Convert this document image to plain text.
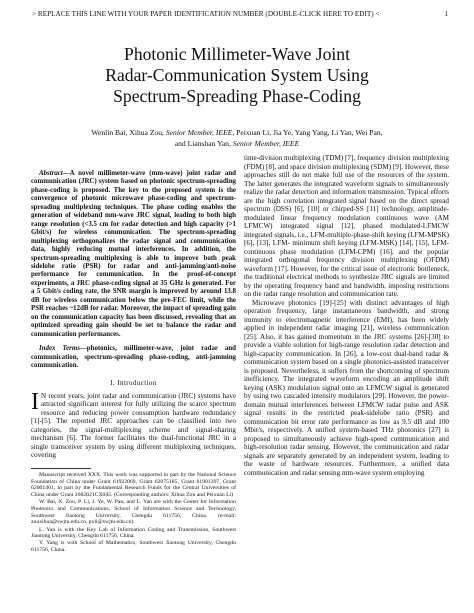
> REPLACE THIS LINE WITH YOUR PAPER IDENTIFICATION NUMBER (DOUBLE-CLICK HERE TO EDIT) <	1
Photonic Millimeter-Wave Joint
Radar-Communication System Using
Spectrum-Spreading Phase-Coding
Wenlin Bai, Xihua Zou, Senior Member, IEEE, Peixuan Li, Jia Ye, Yang Yang, Li Yan, Wei Pan,
and Lianshan Yan, Senior Member, IEEE

Abstract—A novel millimeter-wave (mm-wave) joint radar and communication (JRC) system based on photonic spectrum-spreading phase-coding is proposed. The key to the proposed system is the convergence of photonic microwave phase-coding and spectrum-spreading multiplexing techniques. The phase coding enables the generation of wideband mm-wave JRC signal, leading to both high range resolution (<3.5 cm for radar detection and high capacity (>1 Gbit/s) for wireless communication. The spectrum-spreading multiplexing orthogonalizes the radar signal and communication data, highly reducing mutual interferences. In addition, the spectrum-spreading multiplexing is able to improve both peak sidelobe ratio (PSR) for radar and anti-jamming/anti-noise performance for communication. In the proof-of-concept experiments, a JRC phase-coding signal at 35 GHz is generated. For a 5 Gbit/s coding rate, the SNR margin is improved by around 13.8 dB for wireless communication below the pre-FEC limit, while the PSR reaches ~12dB for radar. Moreover, the impact of spreading gain on the communication capacity has been discussed, revealing that an optimized spreading gain should be set to balance the radar and communication performances.

Index Terms—photonics, millimeter-wave, joint radar and communication, spectrum-spreading phase-coding, anti-jamming communication.

I. Introduction

I N recent years, joint radar and communication (JRC) systems have attracted significant interest for fully utilizing the scarce spectrum resource and reducing power consumption hardware redundancy [1]-[5]. The reported JRC approaches can be classified into two categories, the signal-multiplexing scheme and signal-sharing mechanism [6]. The former facilitates the dual-functional JRC in a single transceiver system by using different multiplexing techniques, covering

Manuscript received XXX. This work was supported in part by the National Science Foundation of China under Grant 61922069, Grant 62075185, Grant 61901397, Grant 62001401, in part by the Fundamental Research Funds for the Central Universities of China under Grant 2682021CX045. (Corresponding authors: Xihua Zou and Peixuan Li)

W. Bai, X. Zou, P. Li, J. Ye, W. Pan, and L. Yan are with the Center for Information Photonics and Communications, School of Information Science and Technology, Southwest Jiaotong University, Chengdu 611756, China. (e-mail: zouxihua@swjtu.edu.cn, pxli@swjtu.edu.cn).

L. Yan is with the Key Lab of Information Coding and Transmission, Southwest Jiaotong University, Chengdu 611756, China.

Y. Yang is with School of Mathematics, Southwest Jiaotong University, Chengdu 611756, China.

time-division multiplexing (TDM) [7], frequency division multiplexing (FDM) [8], and space division multiplexing (SDM) [9]. However, these approaches still do not make full use of the resources of the system. The latter generates the integrated waveform signals to simultaneously realize the radar detection and information transmission. Typical efforts are the high correlation integrated signal based on the direct spread spectrum (DSS) [6], [10] or chirped-SS [11] technology, amplitude-modulated linear frequency modulation continuous wave (AM LFMCW) integrated signal [12], phased modulated-LFMCW integrated signals, i.e., LFM-multiple-phase-shift keying (LFM-MPSK) [6], [13], LFM- minimum shift keying (LFM-MSK) [14], [15], LFM-continuous phase modulation (LFM-CPM) [16], and the popular integrated orthogonal frequency division multiplexing (OFDM) waveform [17]. However, for the critical issue of electronic bottleneck, the traditional electrical methods to synthesize JRC signals are limited by the operating frequency band and bandwidth, imposing restrictions on the radar range resolution and communication rate.

Microwave photonics [19]-[25] with distinct advantages of high operation frequency, large instantaneous bandwidth, and strong immunity to electromagnetic interference (EMI), has been widely applied in independent radar imaging [21], wireless communication [25]. Also, it has gained momentum in the JRC systems [26]-[30] to provide a viable solution for high-range resolution radar detection and high-capacity communication. In [26], a low-cost dual-band radar & communication system based on a single photonics-assisted transceiver is proposed. Nevertheless, it suffers from the shortcoming of spectrum inefficiency. The integrated waveform encoding an amplitude shift keying (ASK) modulation signal onto an LFMCW signal is generated by using two cascaded intensity modulators [29]. However, the power-domain mutual interferences between LFMCW radar pulse and ASK signal results in the restricted peak-sidelobe ratio (PSR) and communication bit error rate performance as low as 9.5 dB and 100 Mbit/s, respectively. A unified system-based THz photonics [27] is proposed to simultaneously achieve high-speed communication and high-resolution radar sensing. However, the communication and radar signals are separately generated by an independent system, leading to the waste of hardware resources. Furthermore, a unified data communication and radar sensing mm-wave system employing
